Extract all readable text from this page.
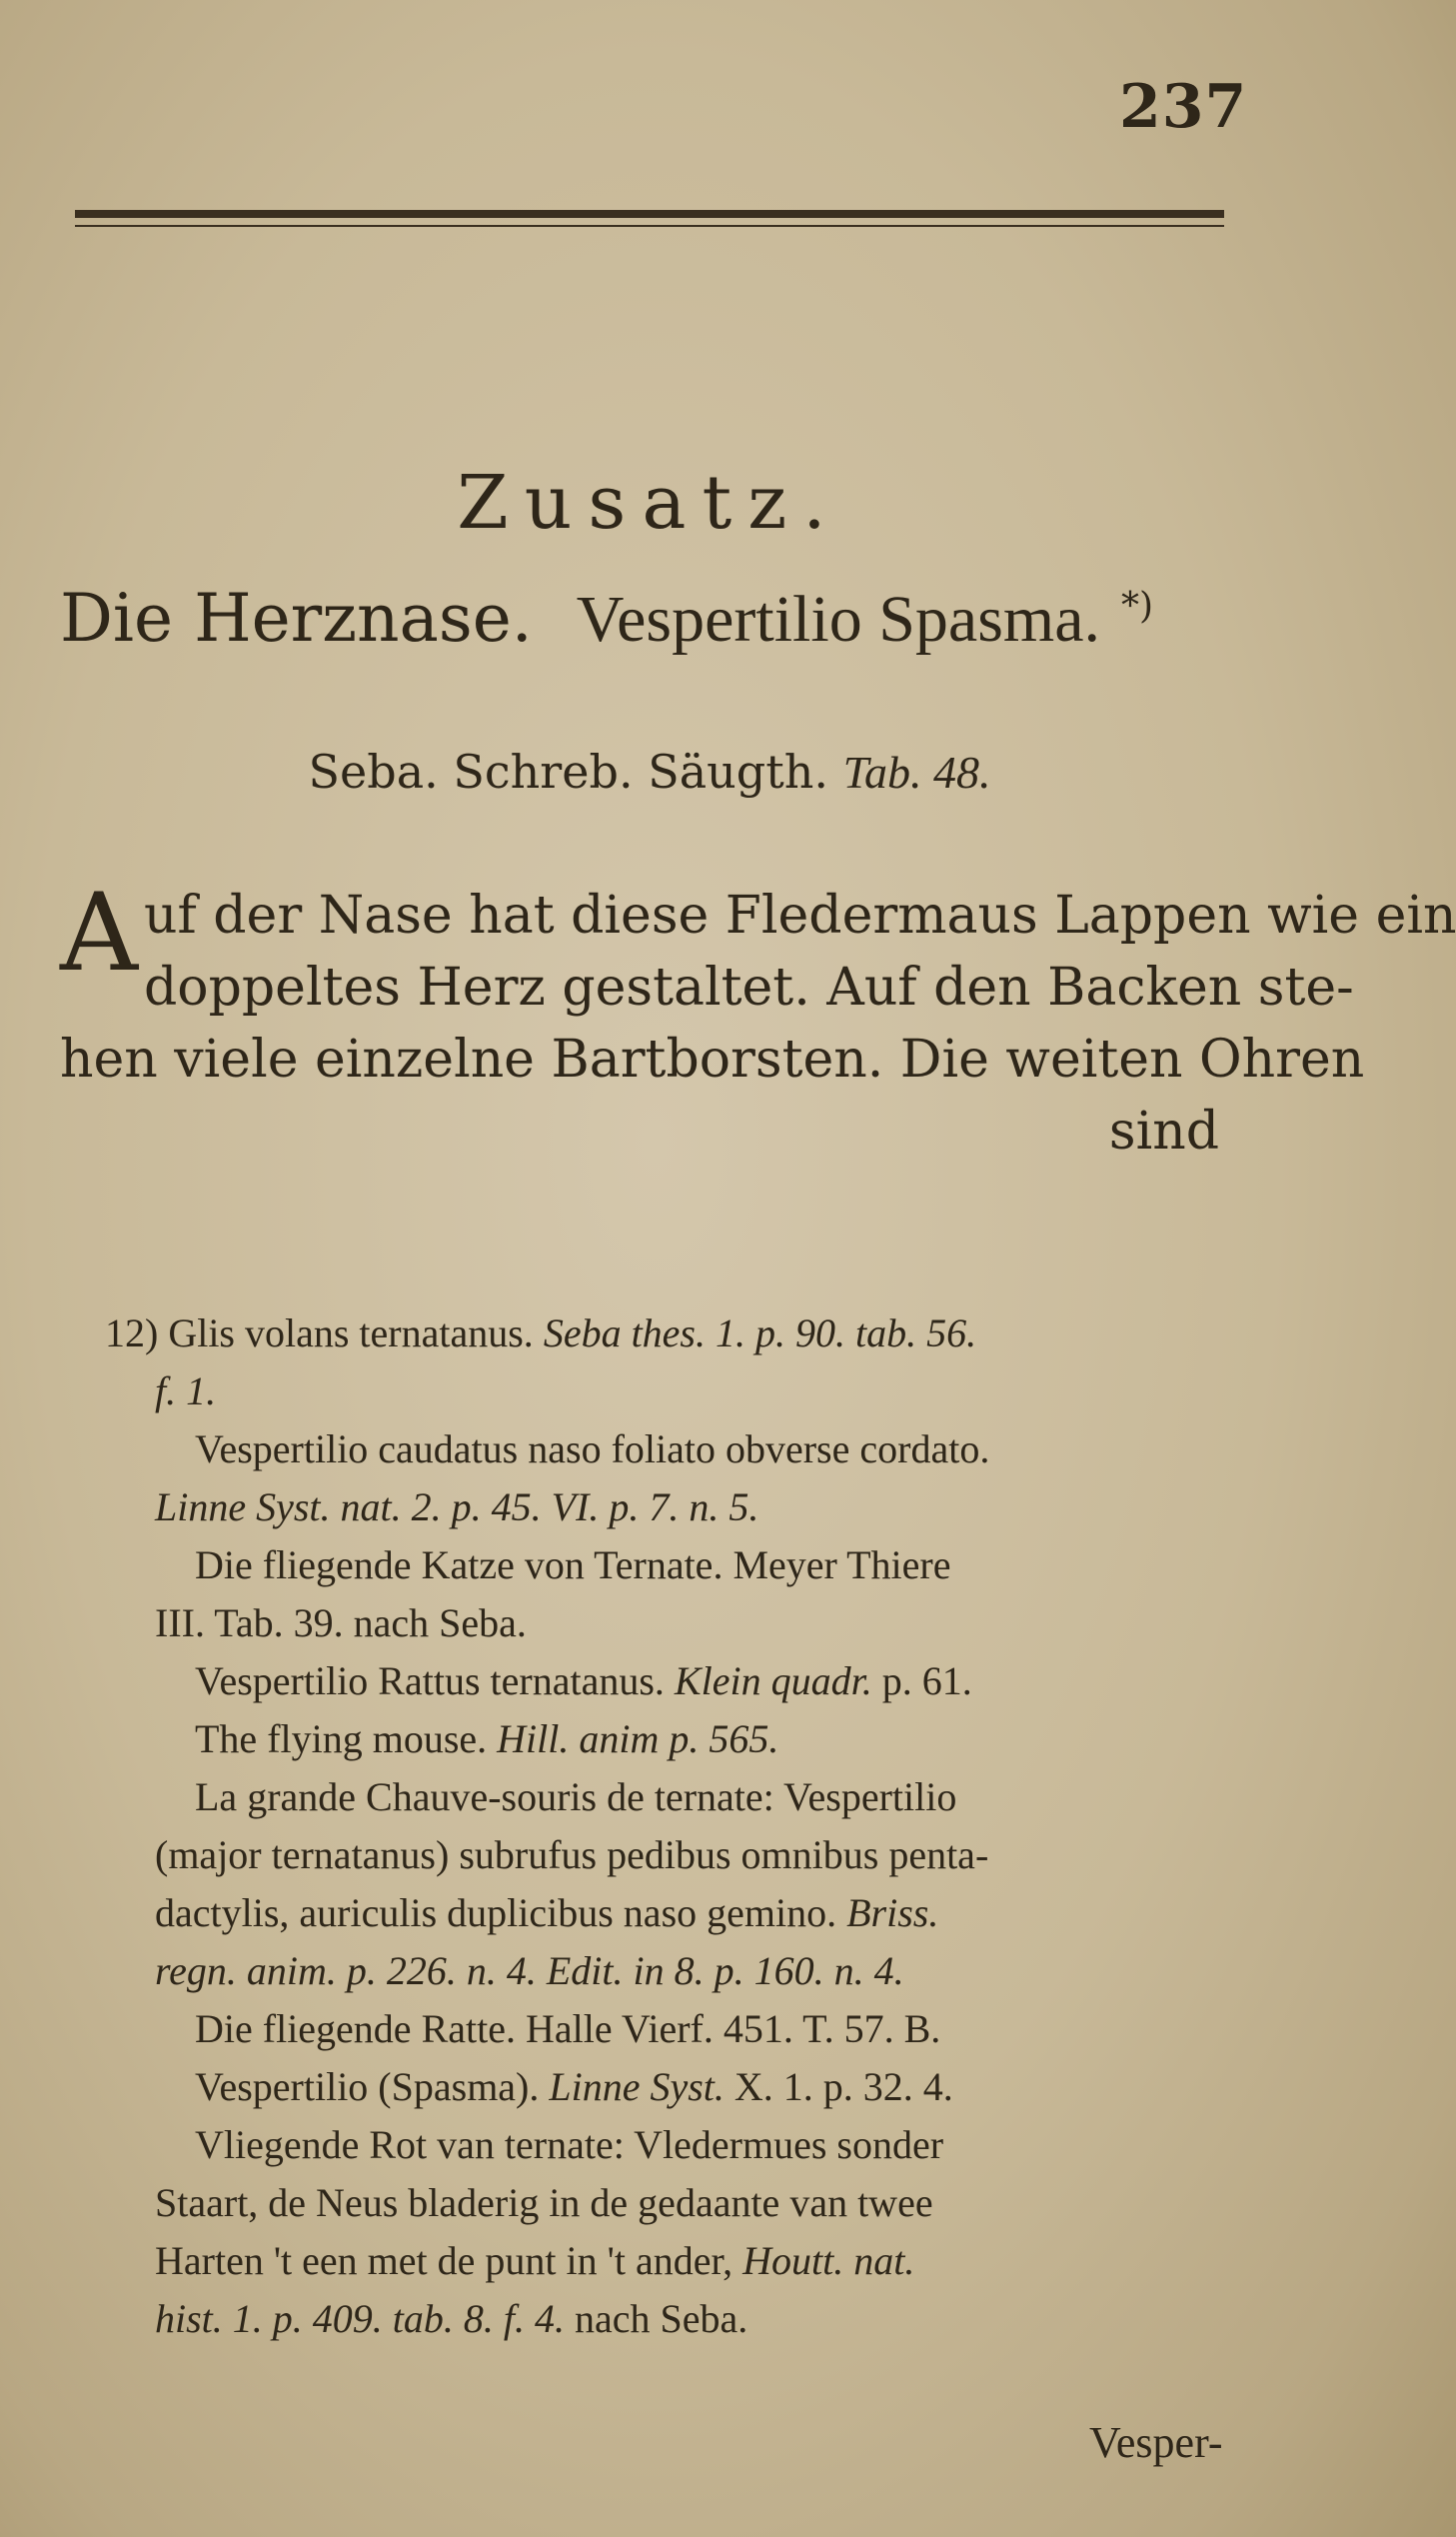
237
Zusatz.
Die Herznase. Vespertilio Spasma. *)
Seba. Schreb. Säugth. Tab. 48.
A uf der Nase hat diese Fledermaus Lappen wie ein
doppeltes Herz gestaltet. Auf den Backen ste-
hen viele einzelne Bartborsten. Die weiten Ohren
sind
12) Glis volans ternatanus. Seba thes. 1. p. 90. tab. 56.
f. 1.
Vespertilio caudatus naso foliato obverse cordato.
Linne Syst. nat. 2. p. 45. VI. p. 7. n. 5.
Die fliegende Katze von Ternate. Meyer Thiere
III. Tab. 39. nach Seba.
Vespertilio Rattus ternatanus. Klein quadr. p. 61.
The flying mouse. Hill. anim p. 565.
La grande Chauve-souris de ternate: Vespertilio
(major ternatanus) subrufus pedibus omnibus penta-
dactylis, auriculis duplicibus naso gemino. Briss.
regn. anim. p. 226. n. 4. Edit. in 8. p. 160. n. 4.
Die fliegende Ratte. Halle Vierf. 451. T. 57. B.
Vespertilio (Spasma). Linne Syst. X. 1. p. 32. 4.
Vliegende Rot van ternate: Vledermues sonder
Staart, de Neus bladerig in de gedaante van twee
Harten 't een met de punt in 't ander, Houtt. nat.
hist. 1. p. 409. tab. 8. f. 4. nach Seba.
Vesper-
